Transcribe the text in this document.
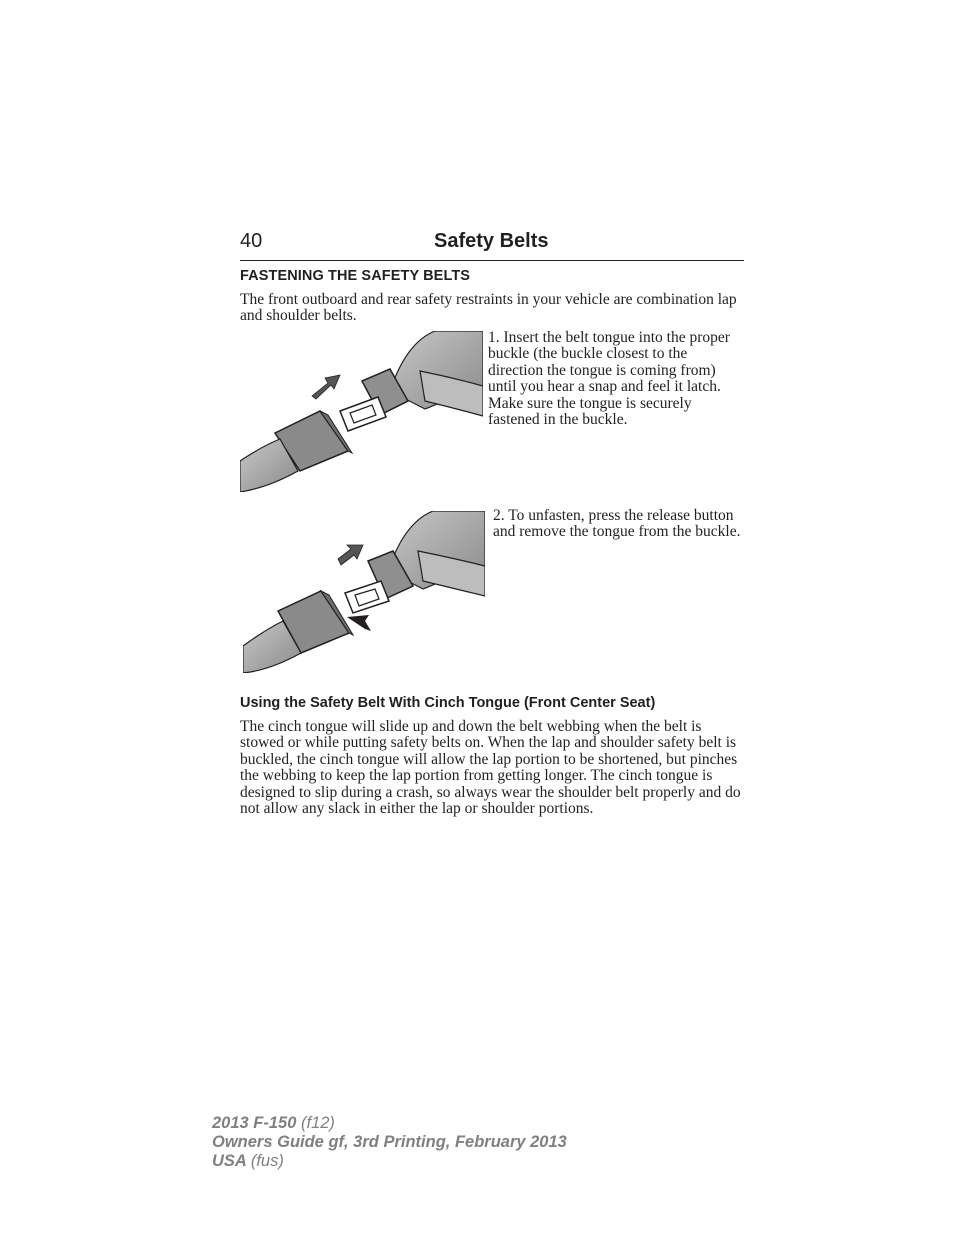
40	Safety Belts
FASTENING THE SAFETY BELTS
The front outboard and rear safety restraints in your vehicle are combination lap and shoulder belts.
1. Insert the belt tongue into the proper buckle (the buckle closest to the direction the tongue is coming from) until you hear a snap and feel it latch. Make sure the tongue is securely fastened in the buckle.
2. To unfasten, press the release button and remove the tongue from the buckle.
Using the Safety Belt With Cinch Tongue (Front Center Seat)
The cinch tongue will slide up and down the belt webbing when the belt is stowed or while putting safety belts on. When the lap and shoulder safety belt is buckled, the cinch tongue will allow the lap portion to be shortened, but pinches the webbing to keep the lap portion from getting longer. The cinch tongue is designed to slip during a crash, so always wear the shoulder belt properly and do not allow any slack in either the lap or shoulder portions.
2013 F-150 (f12)
Owners Guide gf, 3rd Printing, February 2013
USA (fus)
